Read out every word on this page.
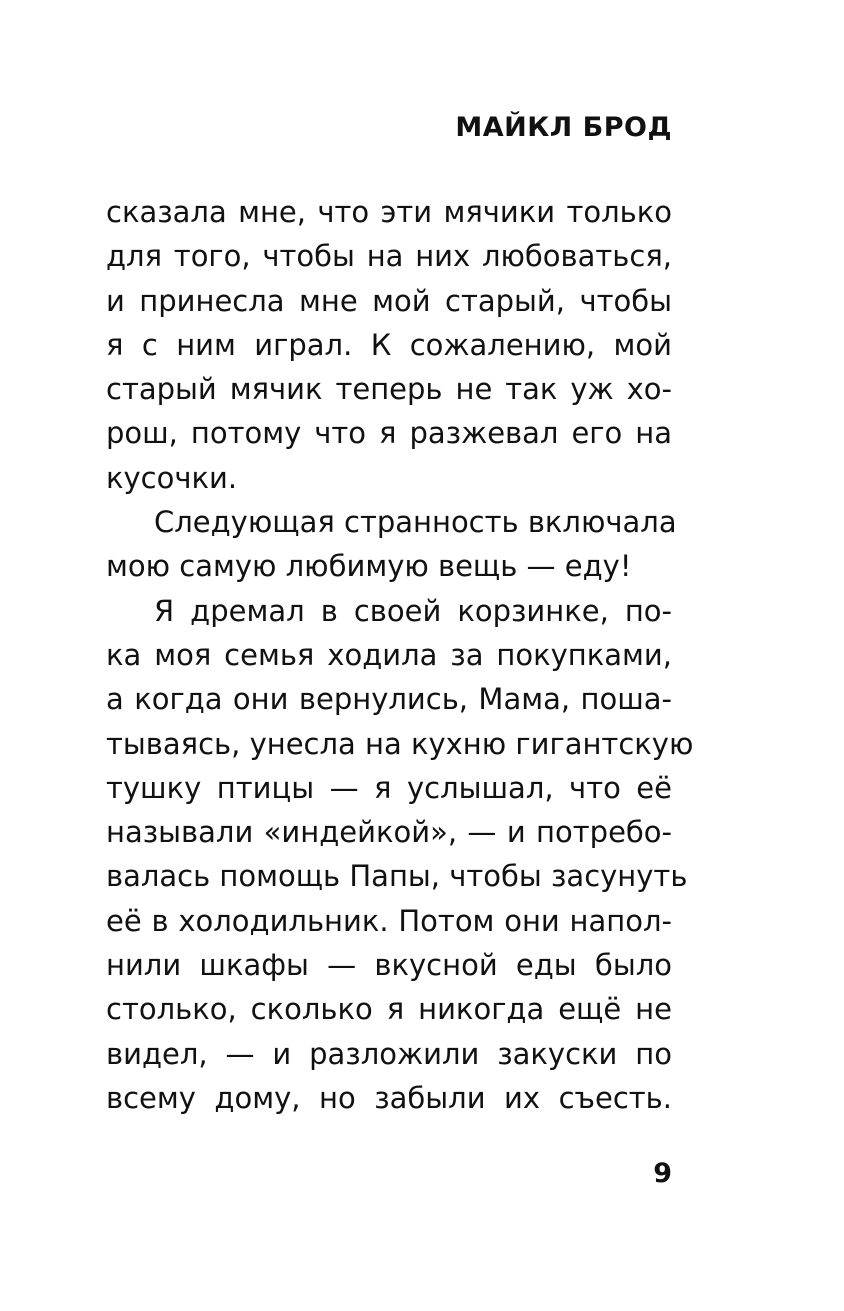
МАЙКЛ БРОД
сказала мне, что эти мячики только
для того, чтобы на них любоваться,
и принесла мне мой старый, чтобы
я с ним играл. К сожалению, мой
старый мячик теперь не так уж хо-
рош, потому что я разжевал его на
кусочки.
Следующая странность включала
мою самую любимую вещь — еду!
Я дремал в своей корзинке, по-
ка моя семья ходила за покупками,
а когда они вернулись, Мама, поша-
тываясь, унесла на кухню гигантскую
тушку птицы — я услышал, что её
называли «индейкой», — и потребо-
валась помощь Папы, чтобы засунуть
её в холодильник. Потом они напол-
нили шкафы — вкусной еды было
столько, сколько я никогда ещё не
видел, — и разложили закуски по
всему дому, но забыли их съесть.
9
